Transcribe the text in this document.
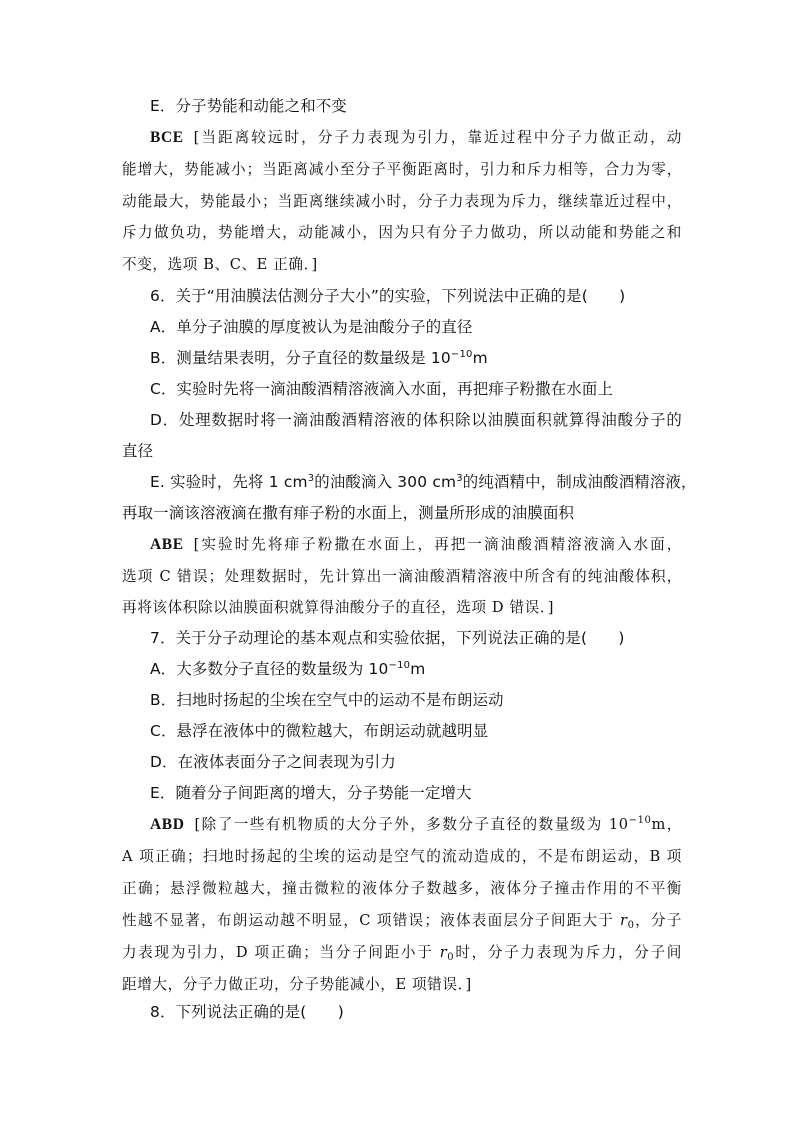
E．分子势能和动能之和不变
BCE [当距离较远时，分子力表现为引力，靠近过程中分子力做正动，动
能增大，势能减小；当距离减小至分子平衡距离时，引力和斥力相等，合力为零，
动能最大，势能最小；当距离继续减小时，分子力表现为斥力，继续靠近过程中，
斥力做负功，势能增大，动能减小，因为只有分子力做功，所以动能和势能之和
不变，选项 B、C、E 正确．]
6．关于“用油膜法估测分子大小”的实验，下列说法中正确的是(　　)
A．单分子油膜的厚度被认为是油酸分子的直径
B．测量结果表明，分子直径的数量级是 $10^{-10}m$
C．实验时先将一滴油酸酒精溶液滴入水面，再把痱子粉撒在水面上
D．处理数据时将一滴油酸酒精溶液的体积除以油膜面积就算得油酸分子的
直径
E. 实验时，先将 1 $cm^3$的油酸滴入 300 $cm^3$的纯酒精中，制成油酸酒精溶液，
再取一滴该溶液滴在撒有痱子粉的水面上，测量所形成的油膜面积
ABE [实验时先将痱子粉撒在水面上，再把一滴油酸酒精溶液滴入水面，
选项 C 错误；处理数据时，先计算出一滴油酸酒精溶液中所含有的纯油酸体积，
再将该体积除以油膜面积就算得油酸分子的直径，选项 D 错误．]
7．关于分子动理论的基本观点和实验依据，下列说法正确的是(　　)
A．大多数分子直径的数量级为 $10^{-10}m$
B．扫地时扬起的尘埃在空气中的运动不是布朗运动
C．悬浮在液体中的微粒越大，布朗运动就越明显
D．在液体表面分子之间表现为引力
E．随着分子间距离的增大，分子势能一定增大
ABD [除了一些有机物质的大分子外，多数分子直径的数量级为 $10^{-10}m$，
A 项正确；扫地时扬起的尘埃的运动是空气的流动造成的，不是布朗运动，B 项
正确；悬浮微粒越大，撞击微粒的液体分子数越多，液体分子撞击作用的不平衡
性越不显著，布朗运动越不明显，C 项错误；液体表面层分子间距大于 $r_0$，分子
力表现为引力，D 项正确；当分子间距小于 $r_0$时，分子力表现为斥力，分子间
距增大，分子力做正功，分子势能减小，E 项错误．]
8．下列说法正确的是(　　)
